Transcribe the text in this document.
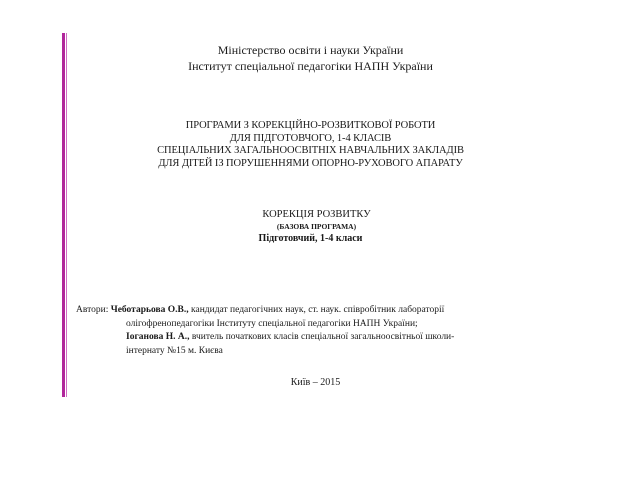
Міністерство освіти і науки України
Інститут спеціальної педагогіки НАПН України
ПРОГРАМИ З КОРЕКЦІЙНО-РОЗВИТКОВОЇ РОБОТИ
ДЛЯ ПІДГОТОВЧОГО, 1-4 КЛАСІВ
СПЕЦІАЛЬНИХ ЗАГАЛЬНООСВІТНІХ НАВЧАЛЬНИХ ЗАКЛАДІВ
ДЛЯ ДІТЕЙ ІЗ ПОРУШЕННЯМИ ОПОРНО-РУХОВОГО АПАРАТУ
КОРЕКЦІЯ РОЗВИТКУ
(БАЗОВА ПРОГРАМА)
Підготовчий, 1-4 класи
Автори: Чеботарьова О.В., кандидат педагогічних наук, ст. наук. співробітник лабораторії
олігофренопедагогіки Інституту спеціальної педагогіки НАПН України;
Іоганова Н. А., вчитель початкових класів спеціальної загальноосвітньої школи-
інтернату №15 м. Києва
Київ – 2015
